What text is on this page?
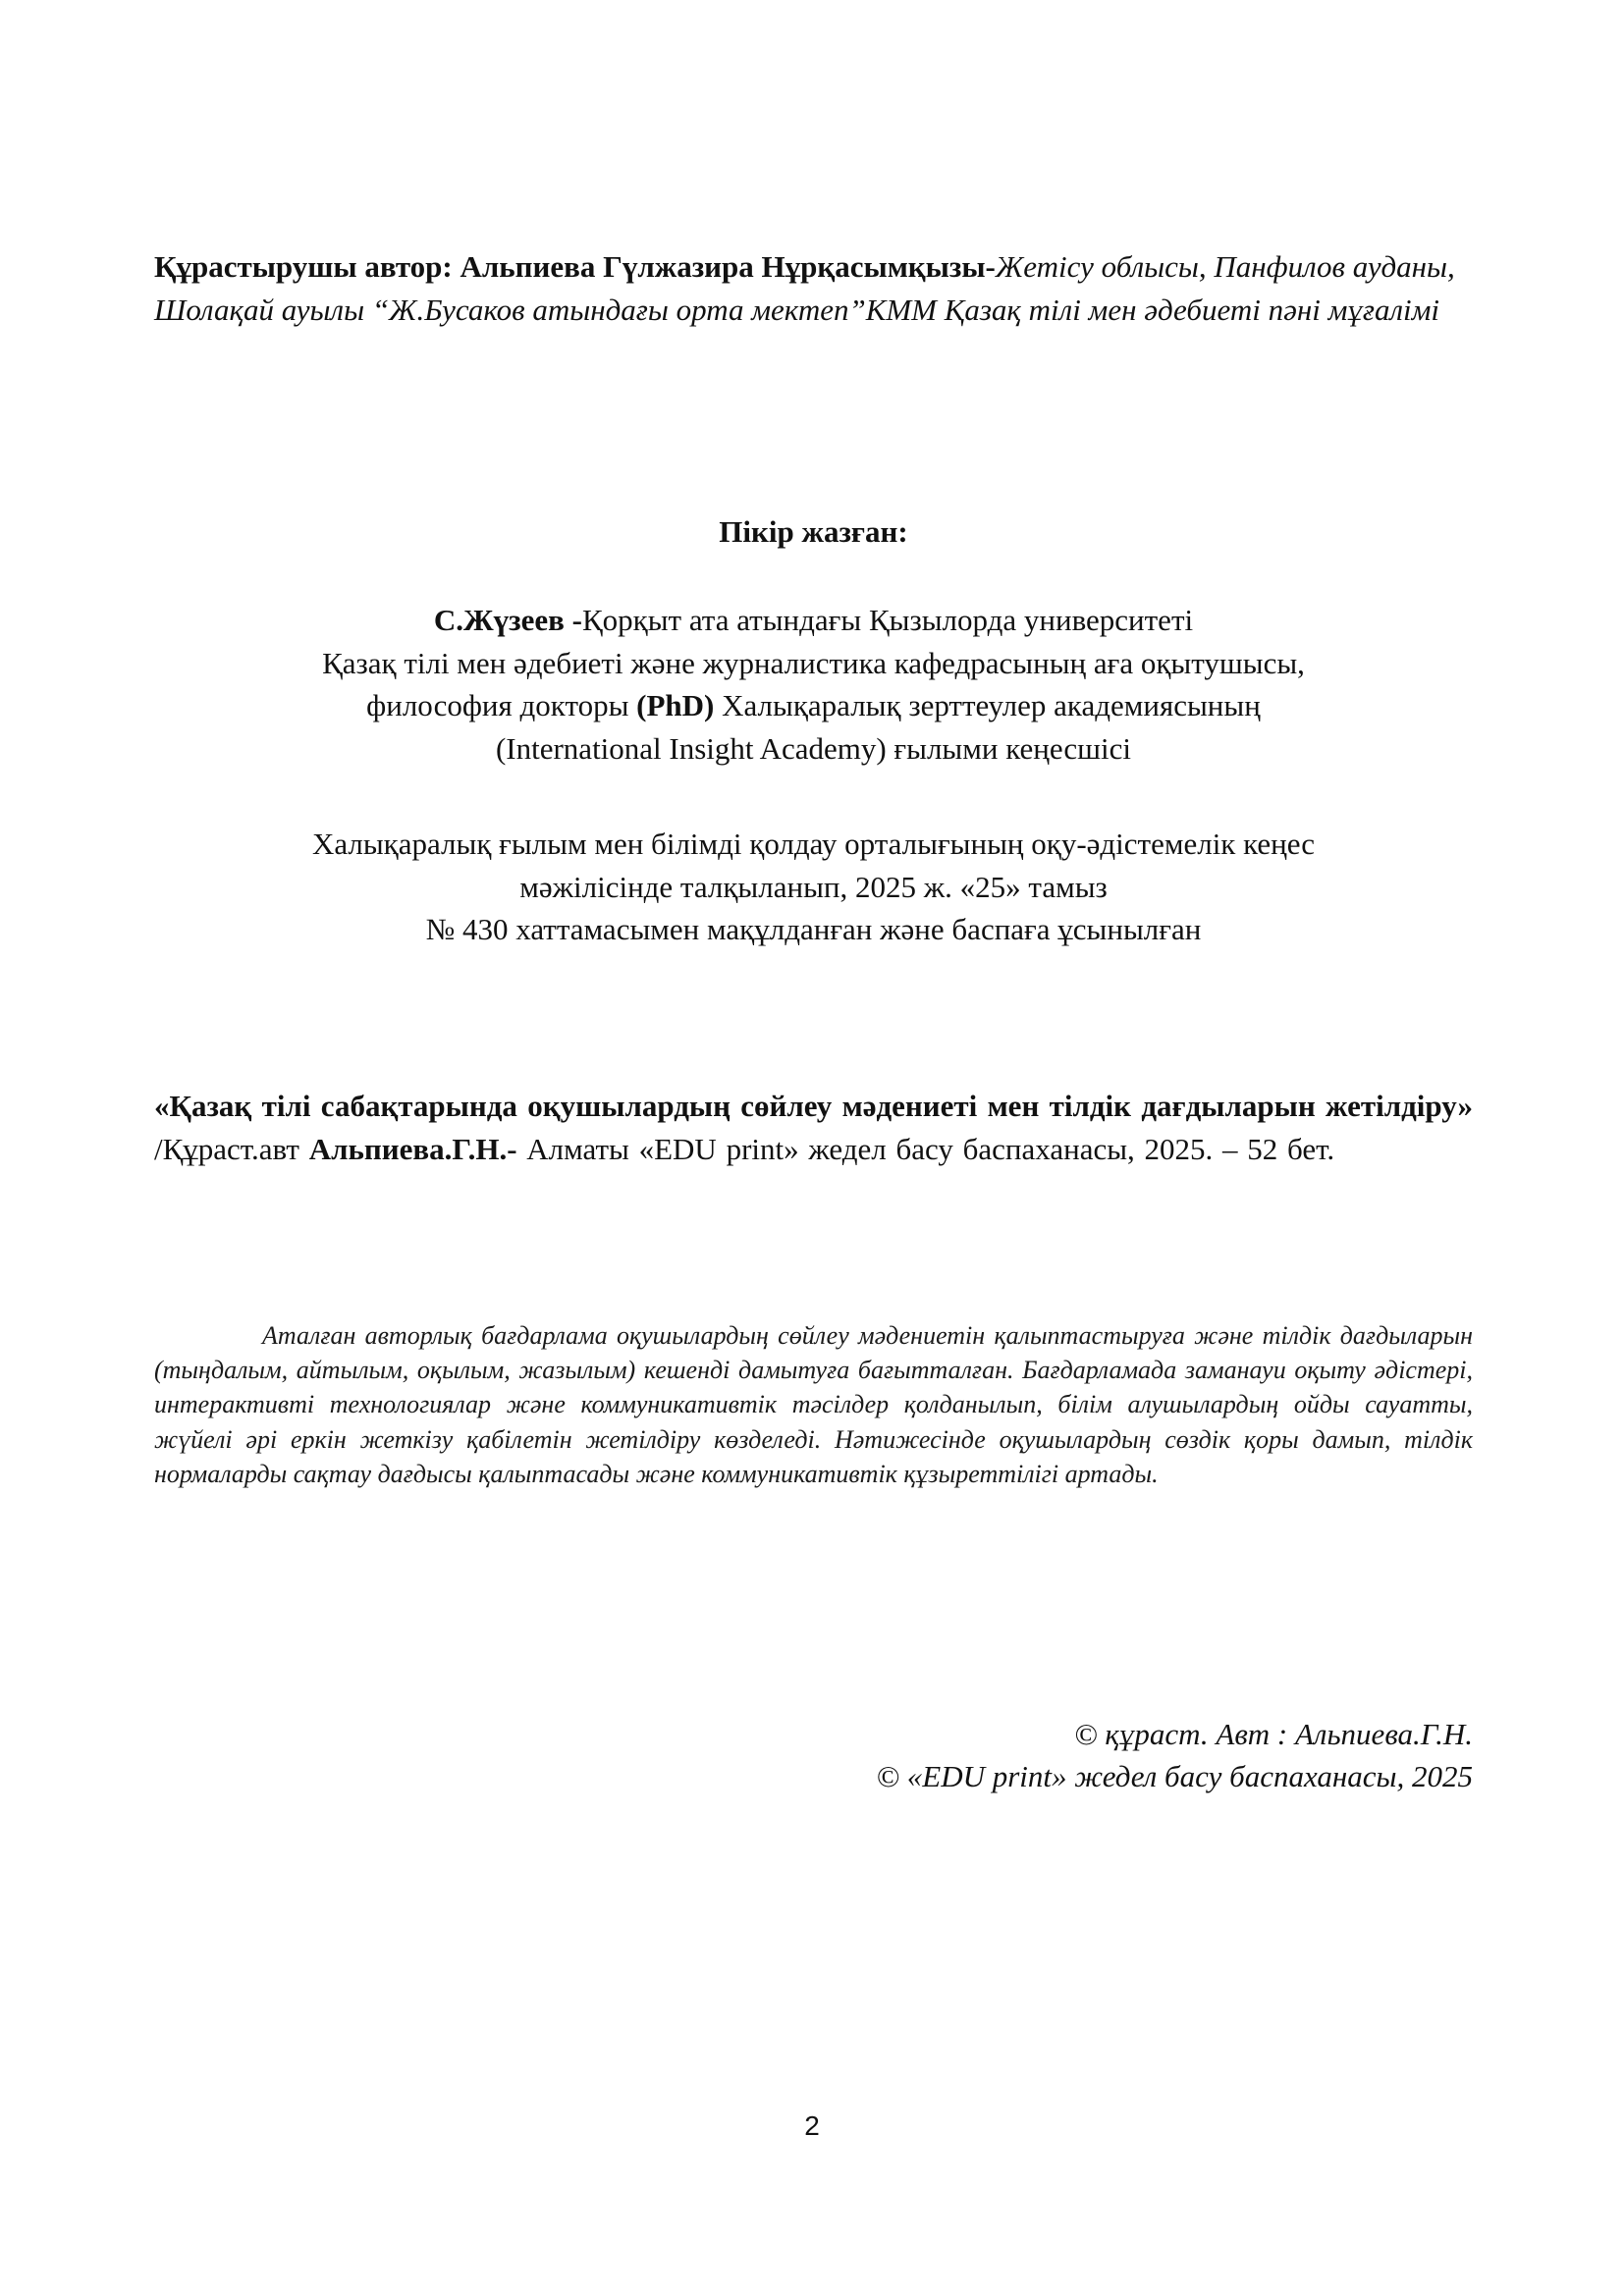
Құрастырушы автор: Альпиева Гүлжазира Нұрқасымқызы-Жетісу облысы, Панфилов ауданы, Шолақай ауылы “Ж.Бусаков атындағы орта мектеп”КММ Қазақ тілі мен әдебиеті пәні мұғалімі
Пікір жазған:
С.Жүзеев -Қорқыт ата атындағы Қызылорда университеті
Қазақ тілі мен әдебиеті және журналистика кафедрасының аға оқытушысы,
философия докторы (PhD) Халықаралық зерттеулер академиясының
(International Insight Academy) ғылыми кеңесшісі
Халықаралық ғылым мен білімді қолдау орталығының оқу-әдістемелік кеңес
мәжілісінде талқыланып, 2025 ж. «25» тамыз
№ 430 хаттамасымен мақұлданған және баспаға ұсынылған
«Қазақ тілі сабақтарында оқушылардың сөйлеу мәдениеті мен тілдік дағдыларын жетілдіру» /Құраст.авт Альпиева.Г.Н.- Алматы «EDU print» жедел басу баспаханасы, 2025. – 52 бет.
Аталған авторлық бағдарлама оқушылардың сөйлеу мәдениетін қалыптастыруға және тілдік дағдыларын (тыңдалым, айтылым, оқылым, жазылым) кешенді дамытуға бағытталған. Бағдарламада заманауи оқыту әдістері, интерактивті технологиялар және коммуникативтік тәсілдер қолданылып, білім алушылардың ойды сауатты, жүйелі әрі еркін жеткізу қабілетін жетілдіру көзделеді. Нәтижесінде оқушылардың сөздік қоры дамып, тілдік нормаларды сақтау дағдысы қалыптасады және коммуникативтік құзыреттілігі артады.
© құраст. Авт : Альпиева.Г.Н.
© «EDU print» жедел басу баспаханасы, 2025
2
